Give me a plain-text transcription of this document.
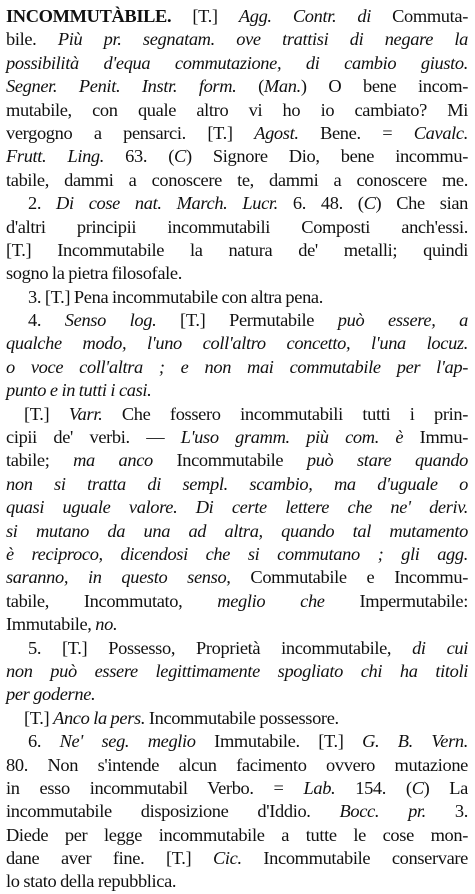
INCOMMUTÀBILE. [T.] Agg. Contr. di Commuta-
bile. Più pr. segnatam. ove trattisi di negare la
possibilità d'equa commutazione, di cambio giusto.
Segner. Penit. Instr. form. (Man.) O bene incom-
mutabile, con quale altro vi ho io cambiato? Mi
vergogno a pensarci. [T.] Agost. Bene. = Cavalc.
Frutt. Ling. 63. (C) Signore Dio, bene incommu-
tabile, dammi a conoscere te, dammi a conoscere me.
2. Di cose nat. March. Lucr. 6. 48. (C) Che sian
d'altri principii incommutabili Composti anch'essi.
[T.] Incommutabile la natura de' metalli; quindi
sogno la pietra filosofale.
3. [T.] Pena incommutabile con altra pena.
4. Senso log. [T.] Permutabile può essere, a
qualche modo, l'uno coll'altro concetto, l'una locuz.
o voce coll'altra ; e non mai commutabile per l'ap-
punto e in tutti i casi.
[T.] Varr. Che fossero incommutabili tutti i prin-
cipii de' verbi. — L'uso gramm. più com. è Immu-
tabile; ma anco Incommutabile può stare quando
non si tratta di sempl. scambio, ma d'uguale o
quasi uguale valore. Di certe lettere che ne' deriv.
si mutano da una ad altra, quando tal mutamento
è reciproco, dicendosi che si commutano ; gli agg.
saranno, in questo senso, Commutabile e Incommu-
tabile, Incommutato, meglio che Impermutabile:
Immutabile, no.
5. [T.] Possesso, Proprietà incommutabile, di cui
non può essere legittimamente spogliato chi ha titoli
per goderne.
[T.] Anco la pers. Incommutabile possessore.
6. Ne' seg. meglio Immutabile. [T.] G. B. Vern.
80. Non s'intende alcun facimento ovvero mutazione
in esso incommutabil Verbo. = Lab. 154. (C) La
incommutabile disposizione d'Iddio. Bocc. pr. 3.
Diede per legge incommutabile a tutte le cose mon-
dane aver fine. [T.] Cic. Incommutabile conservare
lo stato della repubblica.
